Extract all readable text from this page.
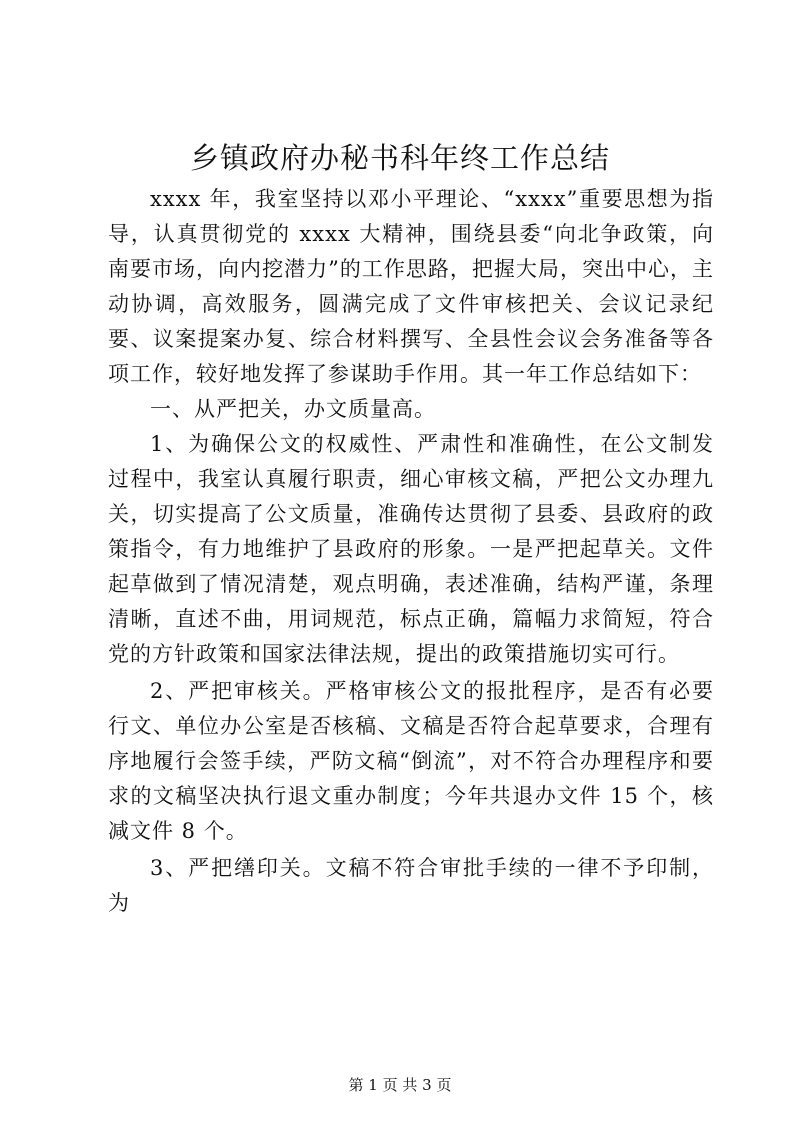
乡镇政府办秘书科年终工作总结

xxxx 年，我室坚持以邓小平理论、“xxxx”重要思想为指导，认真贯彻党的 xxxx 大精神，围绕县委“向北争政策，向南要市场，向内挖潜力”的工作思路，把握大局，突出中心，主动协调，高效服务，圆满完成了文件审核把关、会议记录纪要、议案提案办复、综合材料撰写、全县性会议会务准备等各项工作，较好地发挥了参谋助手作用。其一年工作总结如下：

一、从严把关，办文质量高。

1、为确保公文的权威性、严肃性和准确性，在公文制发过程中，我室认真履行职责，细心审核文稿，严把公文办理九关，切实提高了公文质量，准确传达贯彻了县委、县政府的政策指令，有力地维护了县政府的形象。一是严把起草关。文件起草做到了情况清楚，观点明确，表述准确，结构严谨，条理清晰，直述不曲，用词规范，标点正确，篇幅力求简短，符合党的方针政策和国家法律法规，提出的政策措施切实可行。

2、严把审核关。严格审核公文的报批程序，是否有必要行文、单位办公室是否核稿、文稿是否符合起草要求，合理有序地履行会签手续，严防文稿“倒流”，对不符合办理程序和要求的文稿坚决执行退文重办制度；今年共退办文件 15 个，核减文件 8 个。

3、严把缮印关。文稿不符合审批手续的一律不予印制，为

第 1 页 共 3 页
